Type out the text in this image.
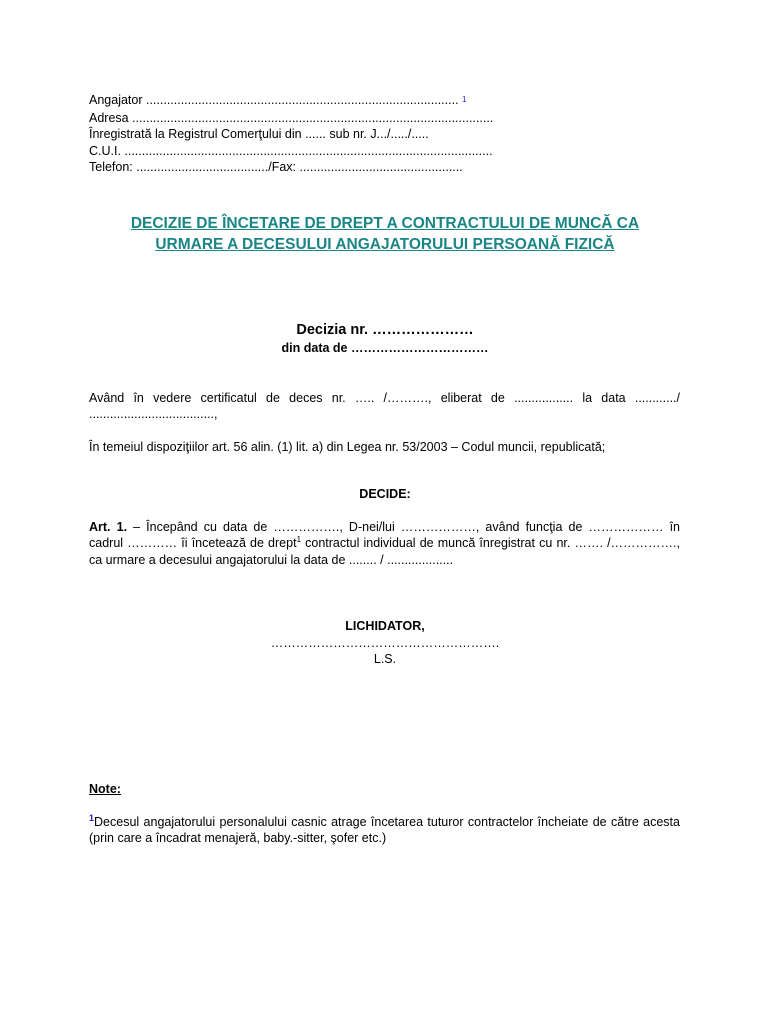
Angajator .......................................................................................... $^1$
Adresa ........................................................................................................
Înregistrată la Registrul Comerţului din ...... sub nr. J.../...../.....
C.U.I. ..........................................................................................................
Telefon: ....................................../Fax: ...............................................
DECIZIE DE ÎNCETARE DE DREPT A CONTRACTULUI DE MUNCĂ CA
URMARE A DECESULUI ANGAJATORULUI PERSOANĂ FIZICĂ
Decizia nr. …………………
din data de ……………………………
Având în vedere certificatul de deces nr. ….. /………., eliberat de ................. la data ............/ ....................................,
În temeiul dispoziţiilor art. 56 alin. (1) lit. a) din Legea nr. 53/2003 – Codul muncii, republicată;
DECIDE:
Art. 1. – Începând cu data de ……………., D-nei/lui ………………, având funcţia de ……………… în cadrul ………… îi încetează de drept$^1$ contractul individual de muncă înregistrat cu nr. ……. /……………., ca urmare a decesului angajatorului la data de ........ / ...................
LICHIDATOR,
……………………………………………….
L.S.
Note:
$^1$Decesul angajatorului personalului casnic atrage încetarea tuturor contractelor încheiate de către acesta (prin care a încadrat menajeră, baby.-sitter, şofer etc.)
